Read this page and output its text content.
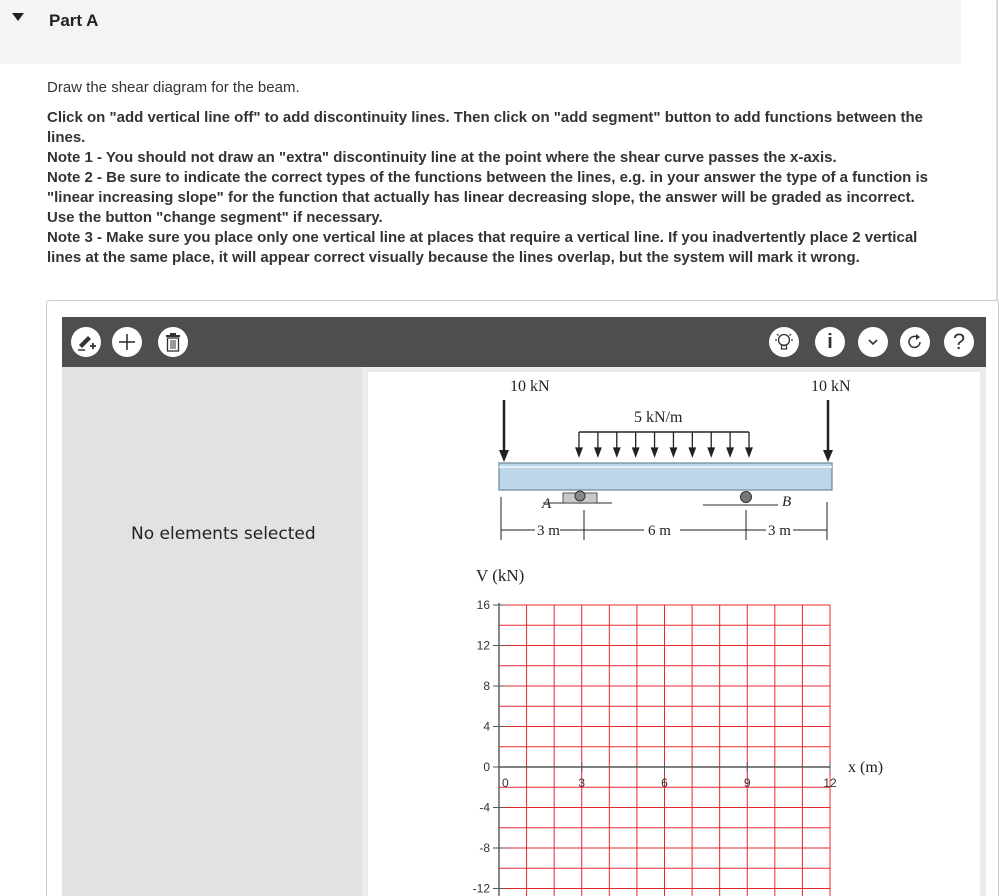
Part A

Draw the shear diagram for the beam.

Click on "add vertical line off" to add discontinuity lines. Then click on "add segment" button to add functions between the lines.

Note 1 - You should not draw an "extra" discontinuity line at the point where the shear curve passes the x-axis.

Note 2 - Be sure to indicate the correct types of the functions between the lines, e.g. in your answer the type of a function is "linear increasing slope" for the function that actually has linear decreasing slope, the answer will be graded as incorrect. Use the button "change segment" if necessary.

Note 3 - Make sure you place only one vertical line at places that require a vertical line. If you inadvertently place 2 vertical lines at the same place, it will appear correct visually because the lines overlap, but the system will mark it wrong.

i	?
No elements selected
10 kN	10 kN
5 kN/m
A	B
3 m	6 m	3 m
16
12
8
4
0
-4
-8
-12
0	3	6	9	12
V (kN)
x (m)
